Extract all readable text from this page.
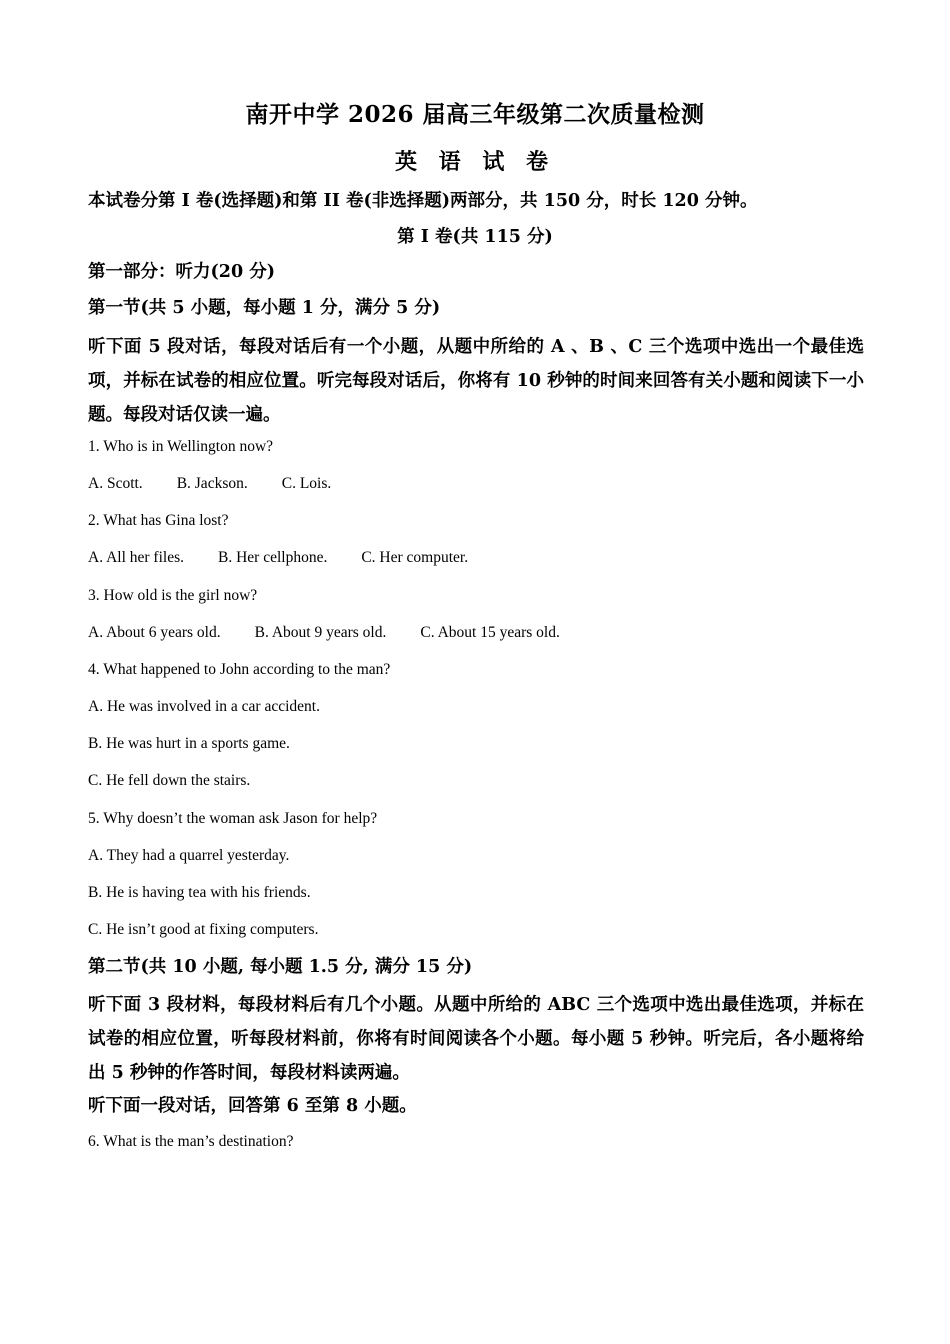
南开中学 2026 届高三年级第二次质量检测
英 语 试 卷
本试卷分第 I 卷(选择题)和第 II 卷(非选择题)两部分，共 150 分，时长 120 分钟。
第 I 卷(共 115 分)
第一部分：听力(20 分)
第一节(共 5 小题，每小题 1 分，满分 5 分)
听下面 5 段对话，每段对话后有一个小题，从题中所给的 A 、B 、C 三个选项中选出一个最佳选项，并标在试卷的相应位置。听完每段对话后，你将有 10 秒钟的时间来回答有关小题和阅读下一小题。每段对话仅读一遍。
1. Who is in Wellington now?
A. Scott. B. Jackson. C. Lois.
2. What has Gina lost?
A. All her files. B. Her cellphone. C. Her computer.
3. How old is the girl now?
A. About 6 years old. B. About 9 years old. C. About 15 years old.
4. What happened to John according to the man?
A. He was involved in a car accident.
B. He was hurt in a sports game.
C. He fell down the stairs.
5. Why doesn’t the woman ask Jason for help?
A. They had a quarrel yesterday.
B. He is having tea with his friends.
C. He isn’t good at fixing computers.
第二节(共 10 小题, 每小题 1.5 分, 满分 15 分)
听下面 3 段材料，每段材料后有几个小题。从题中所给的 ABC 三个选项中选出最佳选项，并标在试卷的相应位置，听每段材料前，你将有时间阅读各个小题。每小题 5 秒钟。听完后，各小题将给出 5 秒钟的作答时间，每段材料读两遍。
听下面一段对话，回答第 6 至第 8 小题。
6. What is the man’s destination?
